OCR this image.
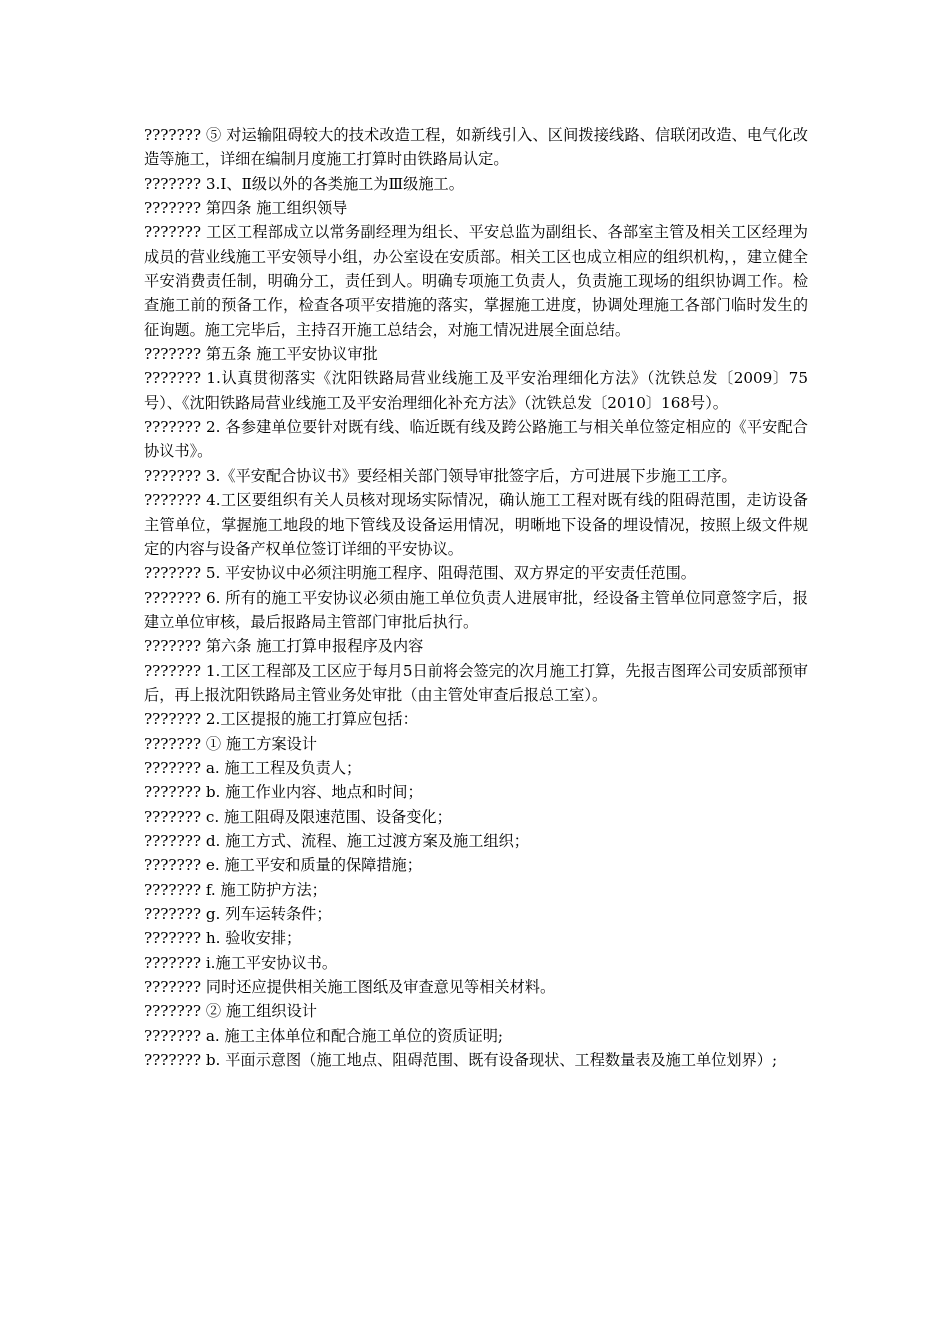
??????? ⑤ 对运输阻碍较大的技术改造工程，如新线引入、区间拨接线路、信联闭改造、电气化改造等施工，详细在编制月度施工打算时由铁路局认定。

??????? 3.Ⅰ、Ⅱ级以外的各类施工为Ⅲ级施工。

??????? 第四条 施工组织领导

??????? 工区工程部成立以常务副经理为组长、平安总监为副组长、各部室主管及相关工区经理为成员的营业线施工平安领导小组，办公室设在安质部。相关工区也成立相应的组织机构，，建立健全平安消费责任制，明确分工，责任到人。明确专项施工负责人，负责施工现场的组织协调工作。检查施工前的预备工作，检查各项平安措施的落实，掌握施工进度，协调处理施工各部门临时发生的征询题。施工完毕后，主持召开施工总结会，对施工情况进展全面总结。

??????? 第五条 施工平安协议审批

??????? 1.认真贯彻落实《沈阳铁路局营业线施工及平安治理细化方法》（沈铁总发〔2009〕75号）、《沈阳铁路局营业线施工及平安治理细化补充方法》（沈铁总发〔2010〕168号）。

??????? 2. 各参建单位要针对既有线、临近既有线及跨公路施工与相关单位签定相应的《平安配合协议书》。

??????? 3.《平安配合协议书》要经相关部门领导审批签字后，方可进展下步施工工序。

??????? 4.工区要组织有关人员核对现场实际情况，确认施工工程对既有线的阻碍范围，走访设备主管单位，掌握施工地段的地下管线及设备运用情况，明晰地下设备的埋设情况，按照上级文件规定的内容与设备产权单位签订详细的平安协议。

??????? 5. 平安协议中必须注明施工程序、阻碍范围、双方界定的平安责任范围。

??????? 6. 所有的施工平安协议必须由施工单位负责人进展审批，经设备主管单位同意签字后，报建立单位审核，最后报路局主管部门审批后执行。

??????? 第六条 施工打算申报程序及内容

??????? 1.工区工程部及工区应于每月5日前将会签完的次月施工打算，先报吉图珲公司安质部预审后，再上报沈阳铁路局主管业务处审批（由主管处审查后报总工室）。

??????? 2.工区提报的施工打算应包括：

??????? ① 施工方案设计

??????? a. 施工工程及负责人；

??????? b. 施工作业内容、地点和时间；

??????? c. 施工阻碍及限速范围、设备变化；

??????? d. 施工方式、流程、施工过渡方案及施工组织；

??????? e. 施工平安和质量的保障措施；

??????? f. 施工防护方法；

??????? g. 列车运转条件；

??????? h. 验收安排；

??????? i.施工平安协议书。

??????? 同时还应提供相关施工图纸及审查意见等相关材料。

??????? ② 施工组织设计

??????? a. 施工主体单位和配合施工单位的资质证明;

??????? b. 平面示意图（施工地点、阻碍范围、既有设备现状、工程数量表及施工单位划界）;
